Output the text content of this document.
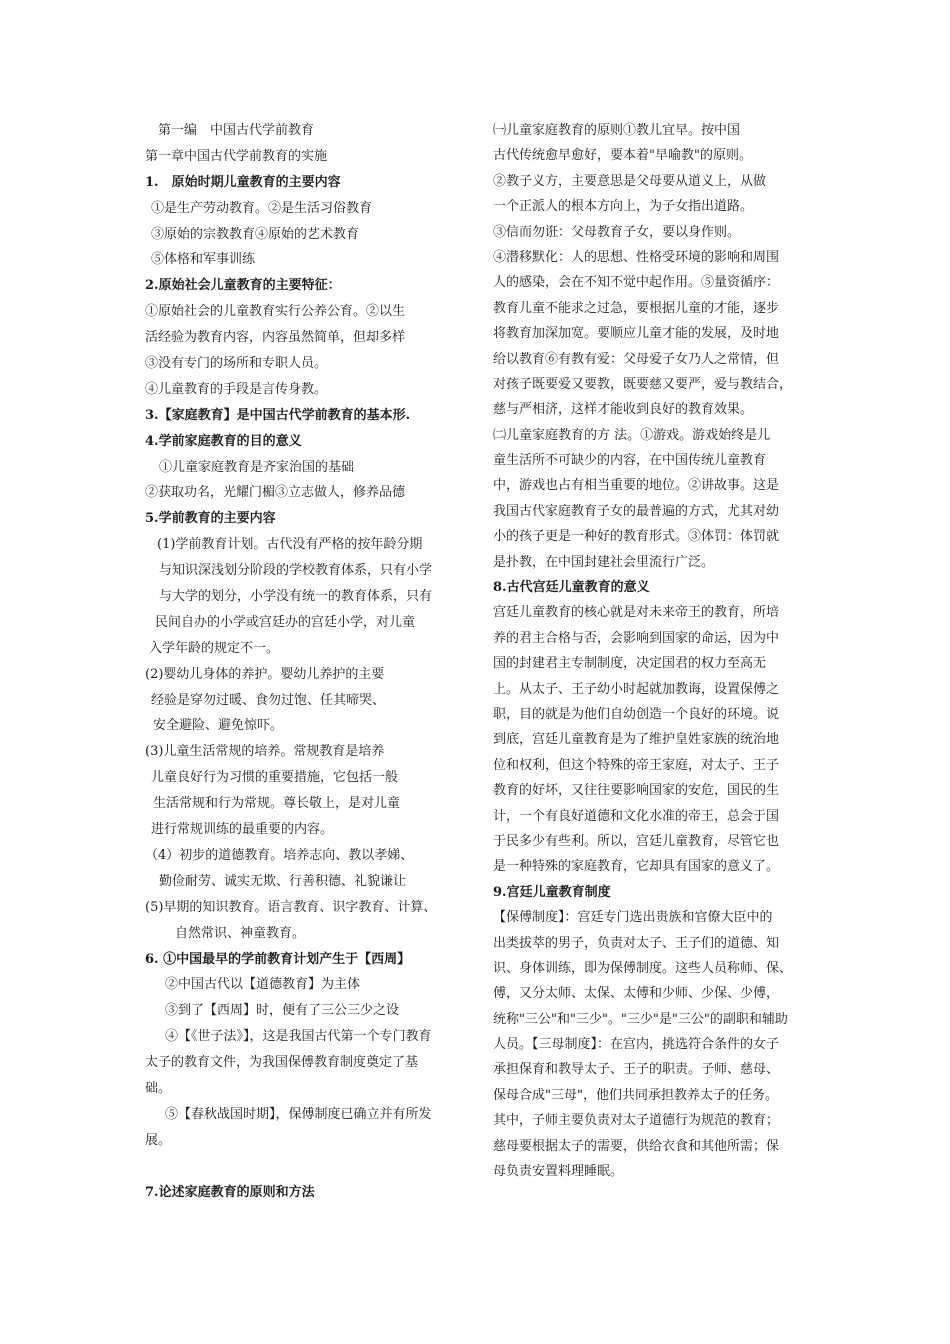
　第一编　中国古代学前教育
第一章中国古代学前教育的实施
1.　原始时期儿童教育的主要内容
①是生产劳动教育。②是生活习俗教育
③原始的宗教教育④原始的艺术教育
⑤体格和军事训练
2.原始社会儿童教育的主要特征：
①原始社会的儿童教育实行公养公育。②以生
活经验为教育内容，内容虽然简单，但却多样
③没有专门的场所和专职人员。
④儿童教育的手段是言传身教。
3.【家庭教育】是中国古代学前教育的基本形.
4.学前家庭教育的目的意义
①儿童家庭教育是齐家治国的基础
②获取功名，光耀门楣③立志做人，修养品德
5.学前教育的主要内容
(1)学前教育计划。古代没有严格的按年龄分期
与知识深浅划分阶段的学校教育体系，只有小学
与大学的划分，小学没有统一的教育体系，只有
民间自办的小学或宫廷办的宫廷小学，对儿童
入学年龄的规定不一。
(2)婴幼儿身体的养护。婴幼儿养护的主要
经验是穿勿过暖、食勿过饱、任其啼哭、
安全避险、避免惊吓。
(3)儿童生活常规的培养。常规教育是培养
儿童良好行为习惯的重要措施，它包括一般
生活常规和行为常规。尊长敬上，是对儿童
进行常规训练的最重要的内容。
（4）初步的道德教育。培养志向、教以孝娣、
勤俭耐劳、诚实无欺、行善积德、礼貌谦让
(5)早期的知识教育。语言教育、识字教育、计算、
自然常识、神童教育。
6. ①中国最早的学前教育计划产生于【西周】
②中国古代以【道德教育】为主体
③到了【西周】时，便有了三公三少之设
④【《世子法》】，这是我国古代第一个专门教育
太子的教育文件，为我国保傅教育制度奠定了基
础。
⑤【春秋战国时期】，保傅制度已确立并有所发
展。
7.论述家庭教育的原则和方法
㈠儿童家庭教育的原则①教儿宜早。按中国
古代传统愈早愈好，要本着"早喻教"的原则。
②教子义方，主要意思是父母要从道义上，从做
一个正派人的根本方向上，为子女指出道路。
③信而勿诳：父母教育子女，要以身作则。
④潜移默化：人的思想、性格受环境的影响和周围
人的感染，会在不知不觉中起作用。⑤量资循序：
教育儿童不能求之过急，要根据儿童的才能，逐步
将教育加深加宽。要顺应儿童才能的发展，及时地
给以教育⑥有教有爱：父母爱子女乃人之常情，但
对孩子既要爱又要教，既要慈又要严，爱与教结合，
慈与严相济，这样才能收到良好的教育效果。
㈡儿童家庭教育的方 法。①游戏。游戏始终是儿
童生活所不可缺少的内容，在中国传统儿童教育
中，游戏也占有相当重要的地位。②讲故事。这是
我国古代家庭教育子女的最普遍的方式，尤其对幼
小的孩子更是一种好的教育形式。③体罚：体罚就
是扑教，在中国封建社会里流行广泛。
8.古代宫廷儿童教育的意义
宫廷儿童教育的核心就是对未来帝王的教育，所培
养的君主合格与否，会影响到国家的命运，因为中
国的封建君主专制制度，决定国君的权力至高无
上。从太子、王子幼小时起就加教诲，设置保傅之
职，目的就是为他们自幼创造一个良好的环境。说
到底，宫廷儿童教育是为了维护皇姓家族的统治地
位和权利，但这个特殊的帝王家庭，对太子、王子
教育的好坏，又往往要影响国家的安危，国民的生
计，一个有良好道德和文化水准的帝王，总会于国
于民多少有些利。所以，宫廷儿童教育，尽管它也
是一种特殊的家庭教育，它却具有国家的意义了。
9.宫廷儿童教育制度
【保傅制度】：宫廷专门选出贵族和官僚大臣中的
出类拔萃的男子，负责对太子、王子们的道德、知
识、身体训练，即为保傅制度。这些人员称师、保、
傅，又分太师、太保、太傅和少师、少保、少傅，
统称"三公"和"三少"。"三少"是"三公"的副职和辅助
人员。【三母制度】：在宫内，挑选符合条件的女子
承担保育和教导太子、王子的职责。子师、慈母、
保母合成"三母"，他们共同承担教养太子的任务。
其中，子师主要负责对太子道德行为规范的教育；
慈母要根据太子的需要，供给衣食和其他所需；保
母负责安置料理睡眠。
